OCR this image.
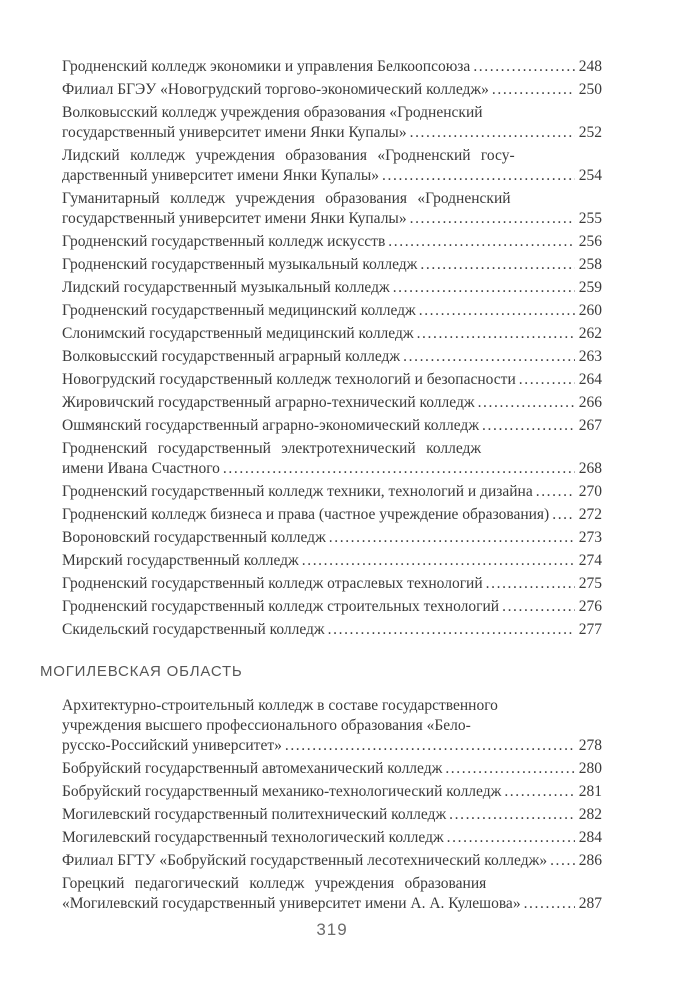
Гродненский колледж экономики и управления Белкоопсоюза .....	248
Филиал БГЭУ «Новогрудский торгово-экономический колледж» .....	250
Волковысский колледж учреждения образования «Гродненский
государственный университет имени Янки Купалы» .....	252
Лидский колледж учреждения образования «Гродненский госу-
дарственный университет имени Янки Купалы» .....	254
Гуманитарный колледж учреждения образования «Гродненский
государственный университет имени Янки Купалы» .....	255
Гродненский государственный колледж искусств .....	256
Гродненский государственный музыкальный колледж .....	258
Лидский государственный музыкальный колледж .....	259
Гродненский государственный медицинский колледж .....	260
Слонимский государственный медицинский колледж .....	262
Волковысский государственный аграрный колледж .....	263
Новогрудский государственный колледж технологий и безопасности .....	264
Жировичский государственный аграрно-технический колледж .....	266
Ошмянский государственный аграрно-экономический колледж .....	267
Гродненский государственный электротехнический колледж
имени Ивана Счастного .....	268
Гродненский государственный колледж техники, технологий и дизайна .....	270
Гродненский колледж бизнеса и права (частное учреждение образования) ..... 272
Вороновский государственный колледж .....	273
Мирский государственный колледж .....	274
Гродненский государственный колледж отраслевых технологий .....	275
Гродненский государственный колледж строительных технологий .....	276
Скидельский государственный колледж .....	277
МОГИЛЕВСКАЯ ОБЛАСТЬ
Архитектурно-строительный колледж в составе государственного
учреждения высшего профессионального образования «Бело-
русско-Российский университет» .....	278
Бобруйский государственный автомеханический колледж .....	280
Бобруйский государственный механико-технологический колледж .....	281
Могилевский государственный политехнический колледж .....	282
Могилевский государственный технологический колледж .....	284
Филиал БГТУ «Бобруйский государственный лесотехнический колледж» ..... 286
Горецкий педагогический колледж учреждения образования
«Могилевский государственный университет имени А. А. Кулешова» .....	287
319
